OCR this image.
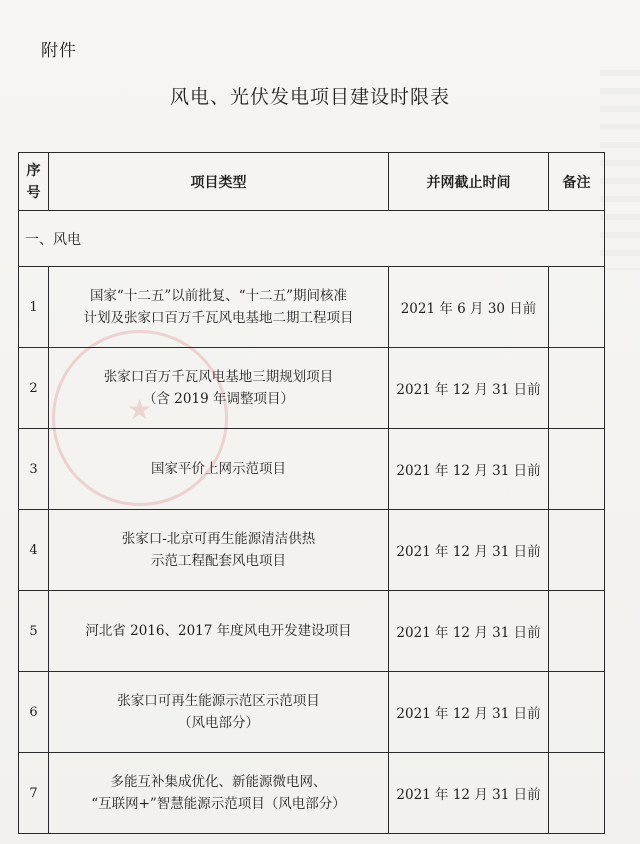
附件
风电、光伏发电项目建设时限表
★
序
号	项目类型	并网截止时间	备注
一、风电			
1	国家“十二五”以前批复、“十二五”期间核准
计划及张家口百万千瓦风电基地二期工程项目	2021 年 6 月 30 日前	
2	张家口百万千瓦风电基地三期规划项目
（含 2019 年调整项目）	2021 年 12 月 31 日前	
3	国家平价上网示范项目	2021 年 12 月 31 日前	
4	张家口-北京可再生能源清洁供热
示范工程配套风电项目	2021 年 12 月 31 日前	
5	河北省 2016、2017 年度风电开发建设项目	2021 年 12 月 31 日前	
6	张家口可再生能源示范区示范项目
（风电部分）	2021 年 12 月 31 日前	
7	多能互补集成优化、新能源微电网、
“互联网+”智慧能源示范项目（风电部分）	2021 年 12 月 31 日前	
